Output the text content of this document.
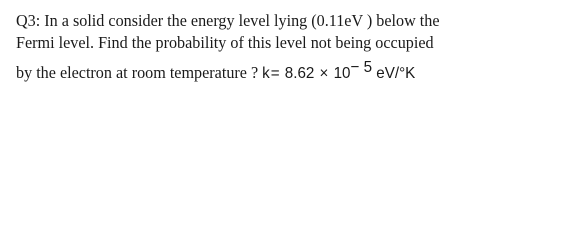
Q3: In a solid consider the energy level lying (0.11eV ) below the
Fermi level. Find the probability of this level not being occupied
by the electron at room temperature ? $k= 8.62 \times 10^{- 5}$ eV/°K
